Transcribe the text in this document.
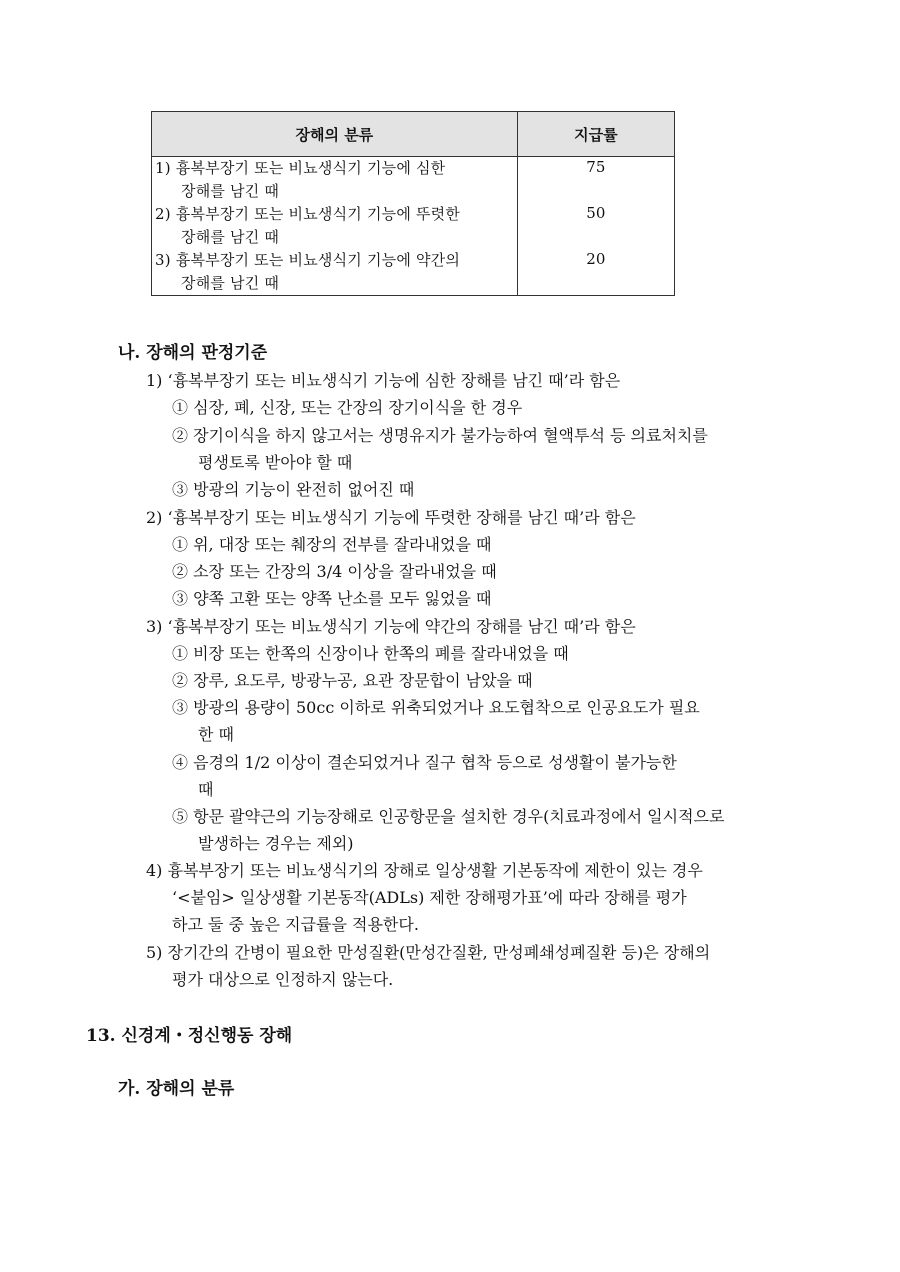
장해의 분류	지급률

1) 흉복부장기 또는 비뇨생식기 기능에 심한
장해를 남긴 때	75

2) 흉복부장기 또는 비뇨생식기 기능에 뚜렷한
장해를 남긴 때	50

3) 흉복부장기 또는 비뇨생식기 기능에 약간의
장해를 남긴 때	20
나. 장해의 판정기준
1) ‘흉복부장기 또는 비뇨생식기 기능에 심한 장해를 남긴 때’라 함은
① 심장, 폐, 신장, 또는 간장의 장기이식을 한 경우
② 장기이식을 하지 않고서는 생명유지가 불가능하여 혈액투석 등 의료처치를
평생토록 받아야 할 때
③ 방광의 기능이 완전히 없어진 때
2) ‘흉복부장기 또는 비뇨생식기 기능에 뚜렷한 장해를 남긴 때’라 함은
① 위, 대장 또는 췌장의 전부를 잘라내었을 때
② 소장 또는 간장의 3/4 이상을 잘라내었을 때
③ 양쪽 고환 또는 양쪽 난소를 모두 잃었을 때
3) ‘흉복부장기 또는 비뇨생식기 기능에 약간의 장해를 남긴 때’라 함은
① 비장 또는 한쪽의 신장이나 한쪽의 폐를 잘라내었을 때
② 장루, 요도루, 방광누공, 요관 장문합이 남았을 때
③ 방광의 용량이 50cc 이하로 위축되었거나 요도협착으로 인공요도가 필요
한 때
④ 음경의 1/2 이상이 결손되었거나 질구 협착 등으로 성생활이 불가능한
때
⑤ 항문 괄약근의 기능장해로 인공항문을 설치한 경우(치료과정에서 일시적으로
발생하는 경우는 제외)
4) 흉복부장기 또는 비뇨생식기의 장해로 일상생활 기본동작에 제한이 있는 경우
‘<붙임> 일상생활 기본동작(ADLs) 제한 장해평가표’에 따라 장해를 평가
하고 둘 중 높은 지급률을 적용한다.
5) 장기간의 간병이 필요한 만성질환(만성간질환, 만성폐쇄성폐질환 등)은 장해의
평가 대상으로 인정하지 않는다.
13. 신경계・정신행동 장해
가. 장해의 분류
